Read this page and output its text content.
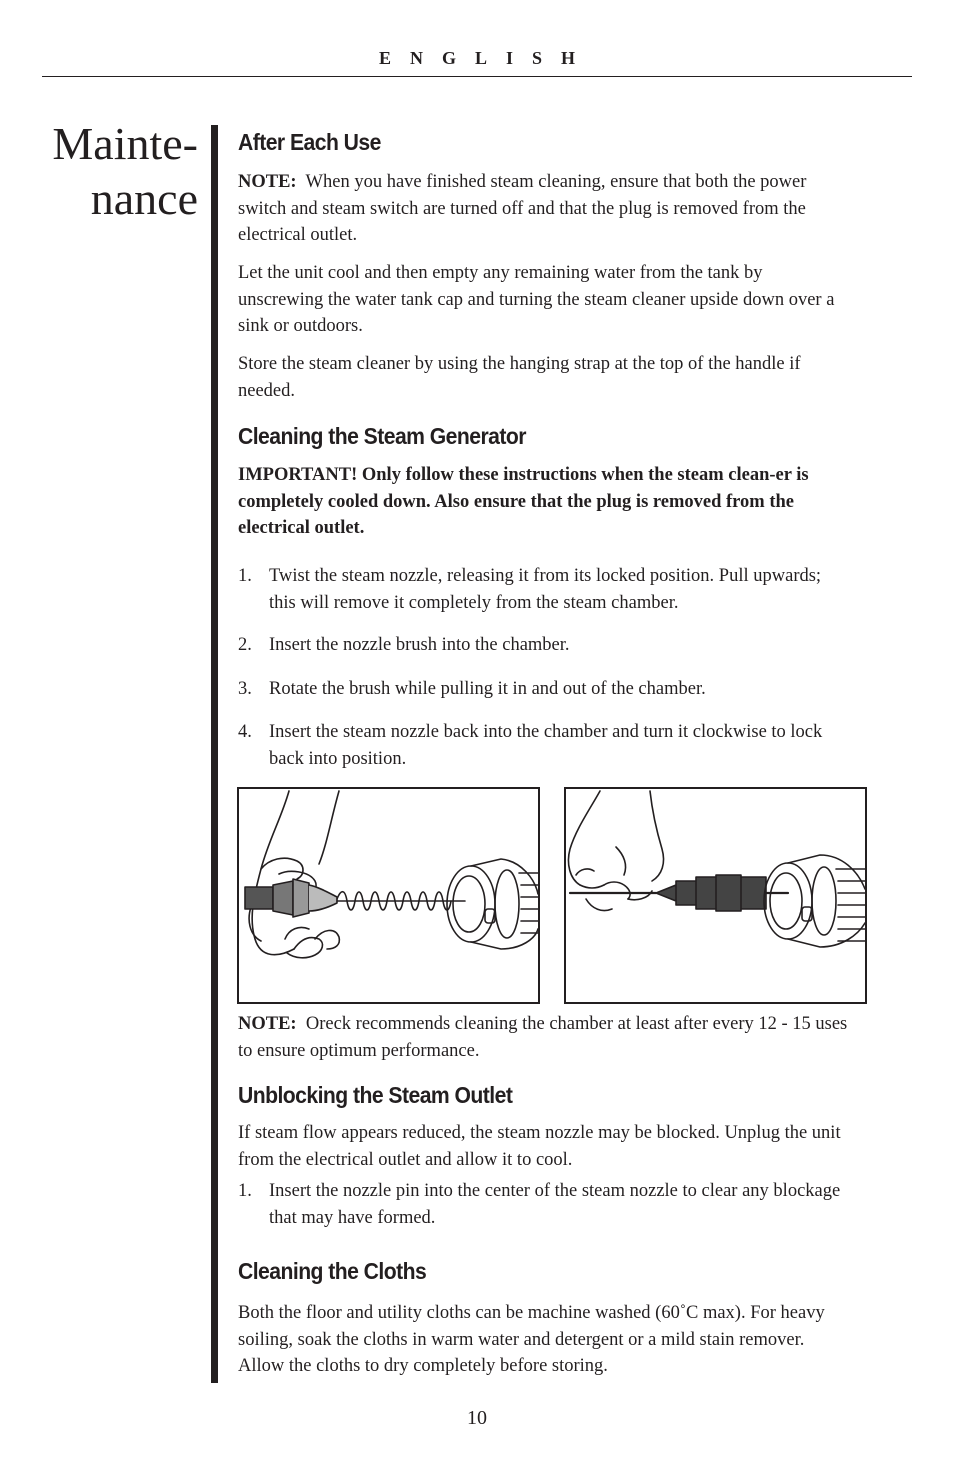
ENGLISH
Mainte-
nance
After Each Use

NOTE: When you have finished steam cleaning, ensure that both the power switch and steam switch are turned off and that the plug is removed from the electrical outlet.

Let the unit cool and then empty any remaining water from the tank by unscrewing the water tank cap and turning the steam cleaner upside down over a sink or outdoors.

Store the steam cleaner by using the hanging strap at the top of the handle if needed.

Cleaning the Steam Generator

IMPORTANT! Only follow these instructions when the steam clean-er is completely cooled down. Also ensure that the plug is removed from the electrical outlet.

1. Twist the steam nozzle, releasing it from its locked position. Pull upwards; this will remove it completely from the steam chamber.
2. Insert the nozzle brush into the chamber.
3. Rotate the brush while pulling it in and out of the chamber.
4. Insert the steam nozzle back into the chamber and turn it clockwise to lock back into position.

NOTE: Oreck recommends cleaning the chamber at least after every 12 - 15 uses to ensure optimum performance.

Unblocking the Steam Outlet

If steam flow appears reduced, the steam nozzle may be blocked. Unplug the unit from the electrical outlet and allow it to cool.

1. Insert the nozzle pin into the center of the steam nozzle to clear any blockage that may have formed.
Cleaning the Cloths

Both the floor and utility cloths can be machine washed (60˚C max). For heavy soiling, soak the cloths in warm water and detergent or a mild stain remover. Allow the cloths to dry completely before storing.

10
